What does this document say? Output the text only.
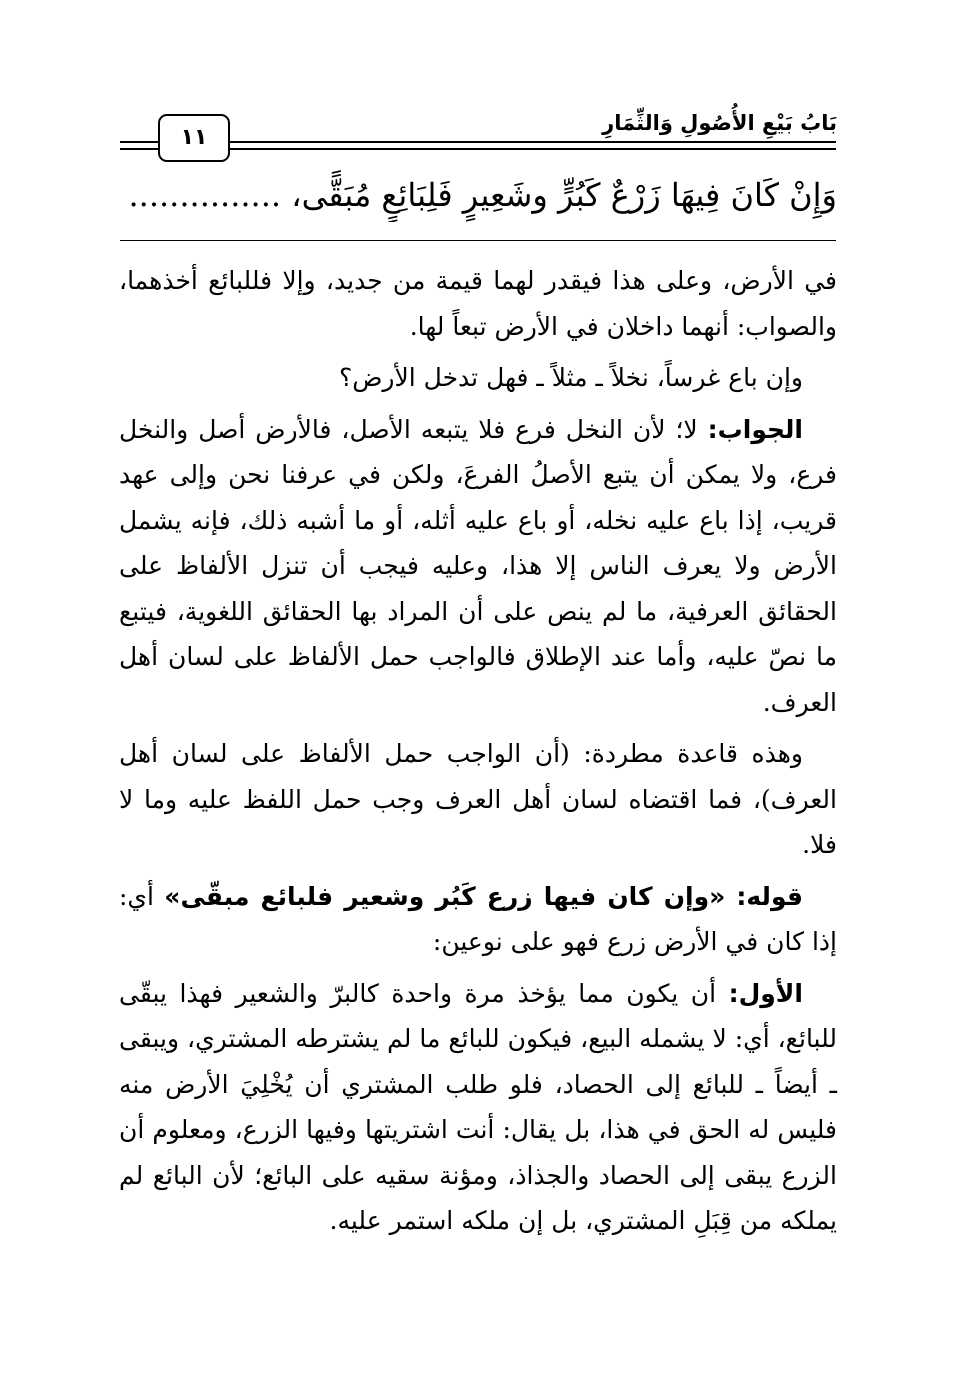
بَابُ بَيْعِ الأُصُولِ وَالثِّمَارِ
١١
وَإِنْ كَانَ فِيهَا زَرْعٌ كَبُرٍّ وشَعِيرٍ فَلِبَائِعٍ مُبَقًّى، ...............

في الأرض، وعلى هذا فيقدر لهما قيمة من جديد، وإلا فللبائع أخذهما، والصواب: أنهما داخلان في الأرض تبعاً لها.

وإن باع غرساً، نخلاً ـ مثلاً ـ فهل تدخل الأرض؟

الجواب: لا؛ لأن النخل فرع فلا يتبعه الأصل، فالأرض أصل والنخل فرع، ولا يمكن أن يتبع الأصلُ الفرعَ، ولكن في عرفنا نحن وإلى عهد قريب، إذا باع عليه نخله، أو باع عليه أثله، أو ما أشبه ذلك، فإنه يشمل الأرض ولا يعرف الناس إلا هذا، وعليه فيجب أن تنزل الألفاظ على الحقائق العرفية، ما لم ينص على أن المراد بها الحقائق اللغوية، فيتبع ما نصّ عليه، وأما عند الإطلاق فالواجب حمل الألفاظ على لسان أهل العرف.

وهذه قاعدة مطردة: (أن الواجب حمل الألفاظ على لسان أهل العرف)، فما اقتضاه لسان أهل العرف وجب حمل اللفظ عليه وما لا فلا.

قوله: «وإن كان فيها زرع كَبُر وشعير فلبائع مبقّى» أي: إذا كان في الأرض زرع فهو على نوعين:

الأول: أن يكون مما يؤخذ مرة واحدة كالبرّ والشعير فهذا يبقّى للبائع، أي: لا يشمله البيع، فيكون للبائع ما لم يشترطه المشتري، ويبقى ـ أيضاً ـ للبائع إلى الحصاد، فلو طلب المشتري أن يُخْلِيَ الأرض منه فليس له الحق في هذا، بل يقال: أنت اشتريتها وفيها الزرع، ومعلوم أن الزرع يبقى إلى الحصاد والجذاذ، ومؤنة سقيه على البائع؛ لأن البائع لم يملكه من قِبَلِ المشتري، بل إن ملكه استمر عليه.
